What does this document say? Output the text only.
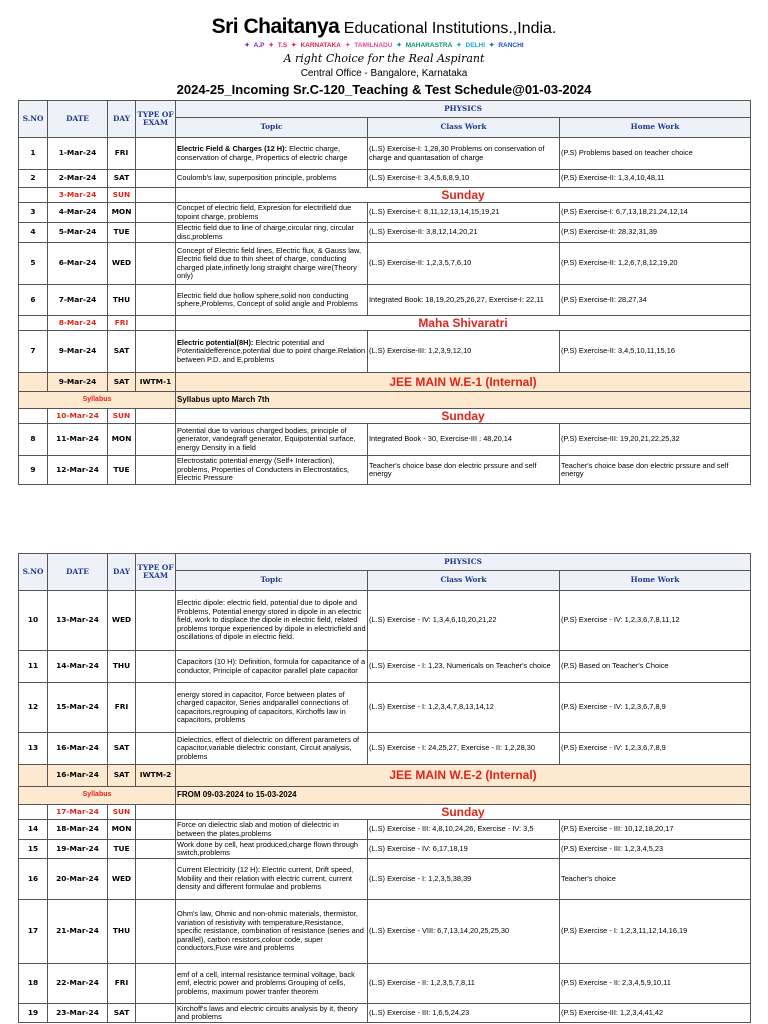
Sri Chaitanya Educational Institutions.,India.
✦ A.P ✦ T.S ✦ KARNATAKA ✦ TAMILNADU ✦ MAHARASTRA ✦ DELHI ✦ RANCHI
A right Choice for the Real Aspirant
Central Office - Bangalore, Karnataka
2024-25_Incoming Sr.C-120_Teaching & Test Schedule@01-03-2024
S.NO	DATE	DAY	TYPE OF EXAM	PHYSICS		
				Topic	Class Work	Home Work
1	1-Mar-24	FRI		Electric Field & Charges (12 H): Electric charge, conservation of charge, Propertics of electric charge	(L.S) Exercise-I: 1,28,30 Problems on conservation of charge and quantasation of charge	(P.S) Problems based on teacher choice
2	2-Mar-24	SAT		Coulomb's law, superposition principle, problems	(L.S) Exercise-I: 3,4,5,6,8,9,10	(P.S) Exercise-II: 1,3,4,10,48,11
	3-Mar-24	SUN		Sunday		
3	4-Mar-24	MON		Concpet of electric field, Expresion for electrifield due topoint charge, problems	(L.S) Exercise-I: 8,11,12,13,14,15,19,21	(P.S) Exercise-I: 6,7,13,18,21,24,12,14
4	5-Mar-24	TUE		Electric field due to line of charge,circular ring, circular disc,problems	(L.S) Exercise-II: 3,8,12,14,20,21	(P.S) Exercise-II: 28,32,31,39
5	6-Mar-24	WED		Concept of Electric field lines, Electric flux, & Gauss law, Electric field due to thin sheet of charge, conducting charged plate,infinetly long straight charge wire(Theory only)	(L.S) Exercise-II: 1,2,3,5,7,6,10	(P.S) Exercise-II: 1,2,6,7,8,12,19,20
6	7-Mar-24	THU		Electric field due hollow sphere,solid non conducting sphere,Problems, Concept of solid angle and Problems	Integrated Book: 18,19,20,25,26,27, Exercise-I: 22,11	(P.S) Exercise-II: 28,27,34
	8-Mar-24	FRI		Maha Shivaratri		
7	9-Mar-24	SAT		Electric potential(8H): Electric potential and Potentialdefference,potential due to point charge.Relation between P.D. and E,problems	(L.S) Exercise-III: 1,2,3,9,12,10	(P.S) Exercise-II: 3,4,5,10,11,15,16
	9-Mar-24	SAT	IWTM-1	JEE MAIN W.E-1 (Internal)		
Syllabus				Syllabus upto March 7th		
	10-Mar-24	SUN		Sunday		
8	11-Mar-24	MON		Potential due to various charged bodies, principle of generator, vandegraff generator, Equipotential surface, energy Density in a field	Integrated Book - 30, Exercise-III : 48,20,14	(P.S) Exercise-III: 19,20,21,22,25,32
9	12-Mar-24	TUE		Electrostatic potential energy (Self+ Interaction), problems, Properties of Conducters in Electrostatics, Electric Pressure	Teacher's choice base don electric prssure and self energy	Teacher's choice base don electric prssure and self energy
S.NO	DATE	DAY	TYPE OF EXAM	PHYSICS		
				Topic	Class Work	Home Work
10	13-Mar-24	WED		Electric dipole: electric field, potential due to dipole and Problems, Potential energy stored in dipole in an electric field, work to displace the dipole in electric field, related problems torque experienced by dipole in electricfield and oscillations of dipole in electric field.	(L.S) Exercise - IV: 1,3,4,6,10,20,21,22	(P.S) Exercise - IV: 1,2,3,6,7,8,11,12
11	14-Mar-24	THU		Capacitors (10 H): Definition, formula for capacitance of a conductor, Principle of capacitor parallel plate capacitor	(L.S) Exercise - I: 1,23, Numericals on Teacher's choice	(P.S) Based on Teacher's Choice
12	15-Mar-24	FRI		energy stored in capacitor, Force between plates of charged capacitor, Series andparallel connections of capacitors,regrouping of capacitors, Kirchoffs law in capacitors, problems	(L.S) Exercise - I: 1,2,3,4,7,8,13,14,12	(P.S) Exercise - IV: 1,2,3,6,7,8,9
13	16-Mar-24	SAT		Dielectrics, effect of dielectric on different parameters of capacitor,variable dielectric constant, Circuit analysis, problems	(L.S) Exercise - I: 24,25,27, Exercise - II: 1,2,28,30	(P.S) Exercise - IV: 1,2,3,6,7,8,9
	16-Mar-24	SAT	IWTM-2	JEE MAIN W.E-2 (Internal)		
Syllabus				FROM 09-03-2024 to 15-03-2024		
	17-Mar-24	SUN		Sunday		
14	18-Mar-24	MON		Force on dielectric slab and motion of dielectric in between the plates,problems	(L.S) Exercise - III: 4,8,10,24,26, Exercise - IV: 3,5	(P.S) Exercise - III: 10,12,18,20,17
15	19-Mar-24	TUE		Work done by cell, heat produced,charge flown through switch,problems	(L.S) Exercise - IV: 6,17,18,19	(P.S) Exercise - III: 1,2,3,4,5,23
16	20-Mar-24	WED		Current Electricity (12 H): Electric current, Drift speed, Mobility and their relation with electric current, current density and different formulae and problems	(L.S) Exercise - I: 1,2,3,5,38,39	Teacher's choice
17	21-Mar-24	THU		Ohm's law, Ohmic and non-ohmic materials, thermistor, variation of resistivity with temperature,Resistance, specific resistance, combination of resistance (series and parallel), carbon resistors,colour code, super conductors,Fuse wire and problems	(L.S) Exercise - VIII: 6,7,13,14,20,25,25,30	(P.S) Exercise - I: 1,2,3,11,12,14,16,19
18	22-Mar-24	FRI		emf of a cell, internal resistance terminal voltage, back emf, electric power and problems Grouping of cells, problems, maximum power tranfer theorem	(L.S) Exercise - II: 1,2,3,5,7,8,11	(P.S) Exercise - II: 2,3,4,5,9,10,11
19	23-Mar-24	SAT		Kirchoff's laws and electric circuits analysis by it, theory and problems	(L.S) Exercise - III: 1,6,5,24,23	(P.S) Exercise-III: 1,2,3,4,41,42
